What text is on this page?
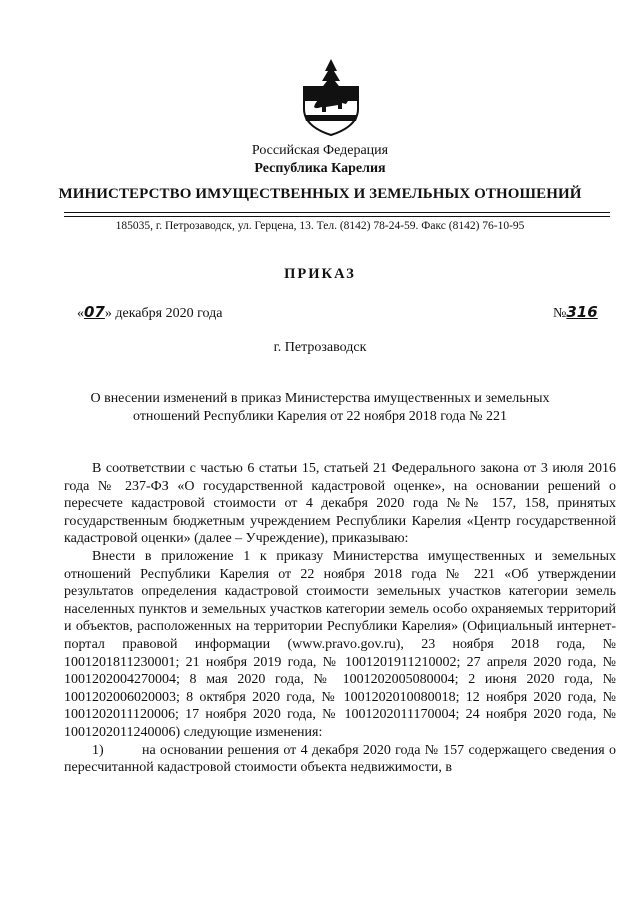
Российская Федерация
Республика Карелия
МИНИСТЕРСТВО ИМУЩЕСТВЕННЫХ И ЗЕМЕЛЬНЫХ ОТНОШЕНИЙ
185035, г. Петрозаводск, ул. Герцена, 13. Тел. (8142) 78-24-59. Факс (8142) 76-10-95
ПРИКАЗ
«07» декабря 2020 года	№316
г. Петрозаводск
О внесении изменений в приказ Министерства имущественных и земельных
отношений Республики Карелия от 22 ноября 2018 года № 221

В соответствии с частью 6 статьи 15, статьей 21 Федерального закона от 3 июля 2016 года № 237-ФЗ «О государственной кадастровой оценке», на основании решений о пересчете кадастровой стоимости от 4 декабря 2020 года №№ 157, 158, принятых государственным бюджетным учреждением Республики Карелия «Центр государственной кадастровой оценки» (далее – Учреждение), приказываю:

Внести в приложение 1 к приказу Министерства имущественных и земельных отношений Республики Карелия от 22 ноября 2018 года № 221 «Об утверждении результатов определения кадастровой стоимости земельных участков категории земель населенных пунктов и земельных участков категории земель особо охраняемых территорий и объектов, расположенных на территории Республики Карелия» (Официальный интернет-портал правовой информации (www.pravo.gov.ru), 23 ноября 2018 года, № 1001201811230001; 21 ноября 2019 года, № 1001201911210002; 27 апреля 2020 года, № 1001202004270004; 8 мая 2020 года, № 1001202005080004; 2 июня 2020 года, № 1001202006020003; 8 октября 2020 года, № 1001202010080018; 12 ноября 2020 года, № 1001202011120006; 17 ноября 2020 года, № 1001202011170004; 24 ноября 2020 года, № 1001202011240006) следующие изменения:

1)	на основании решения от 4 декабря 2020 года № 157 содержащего сведения о пересчитанной кадастровой стоимости объекта недвижимости, в
